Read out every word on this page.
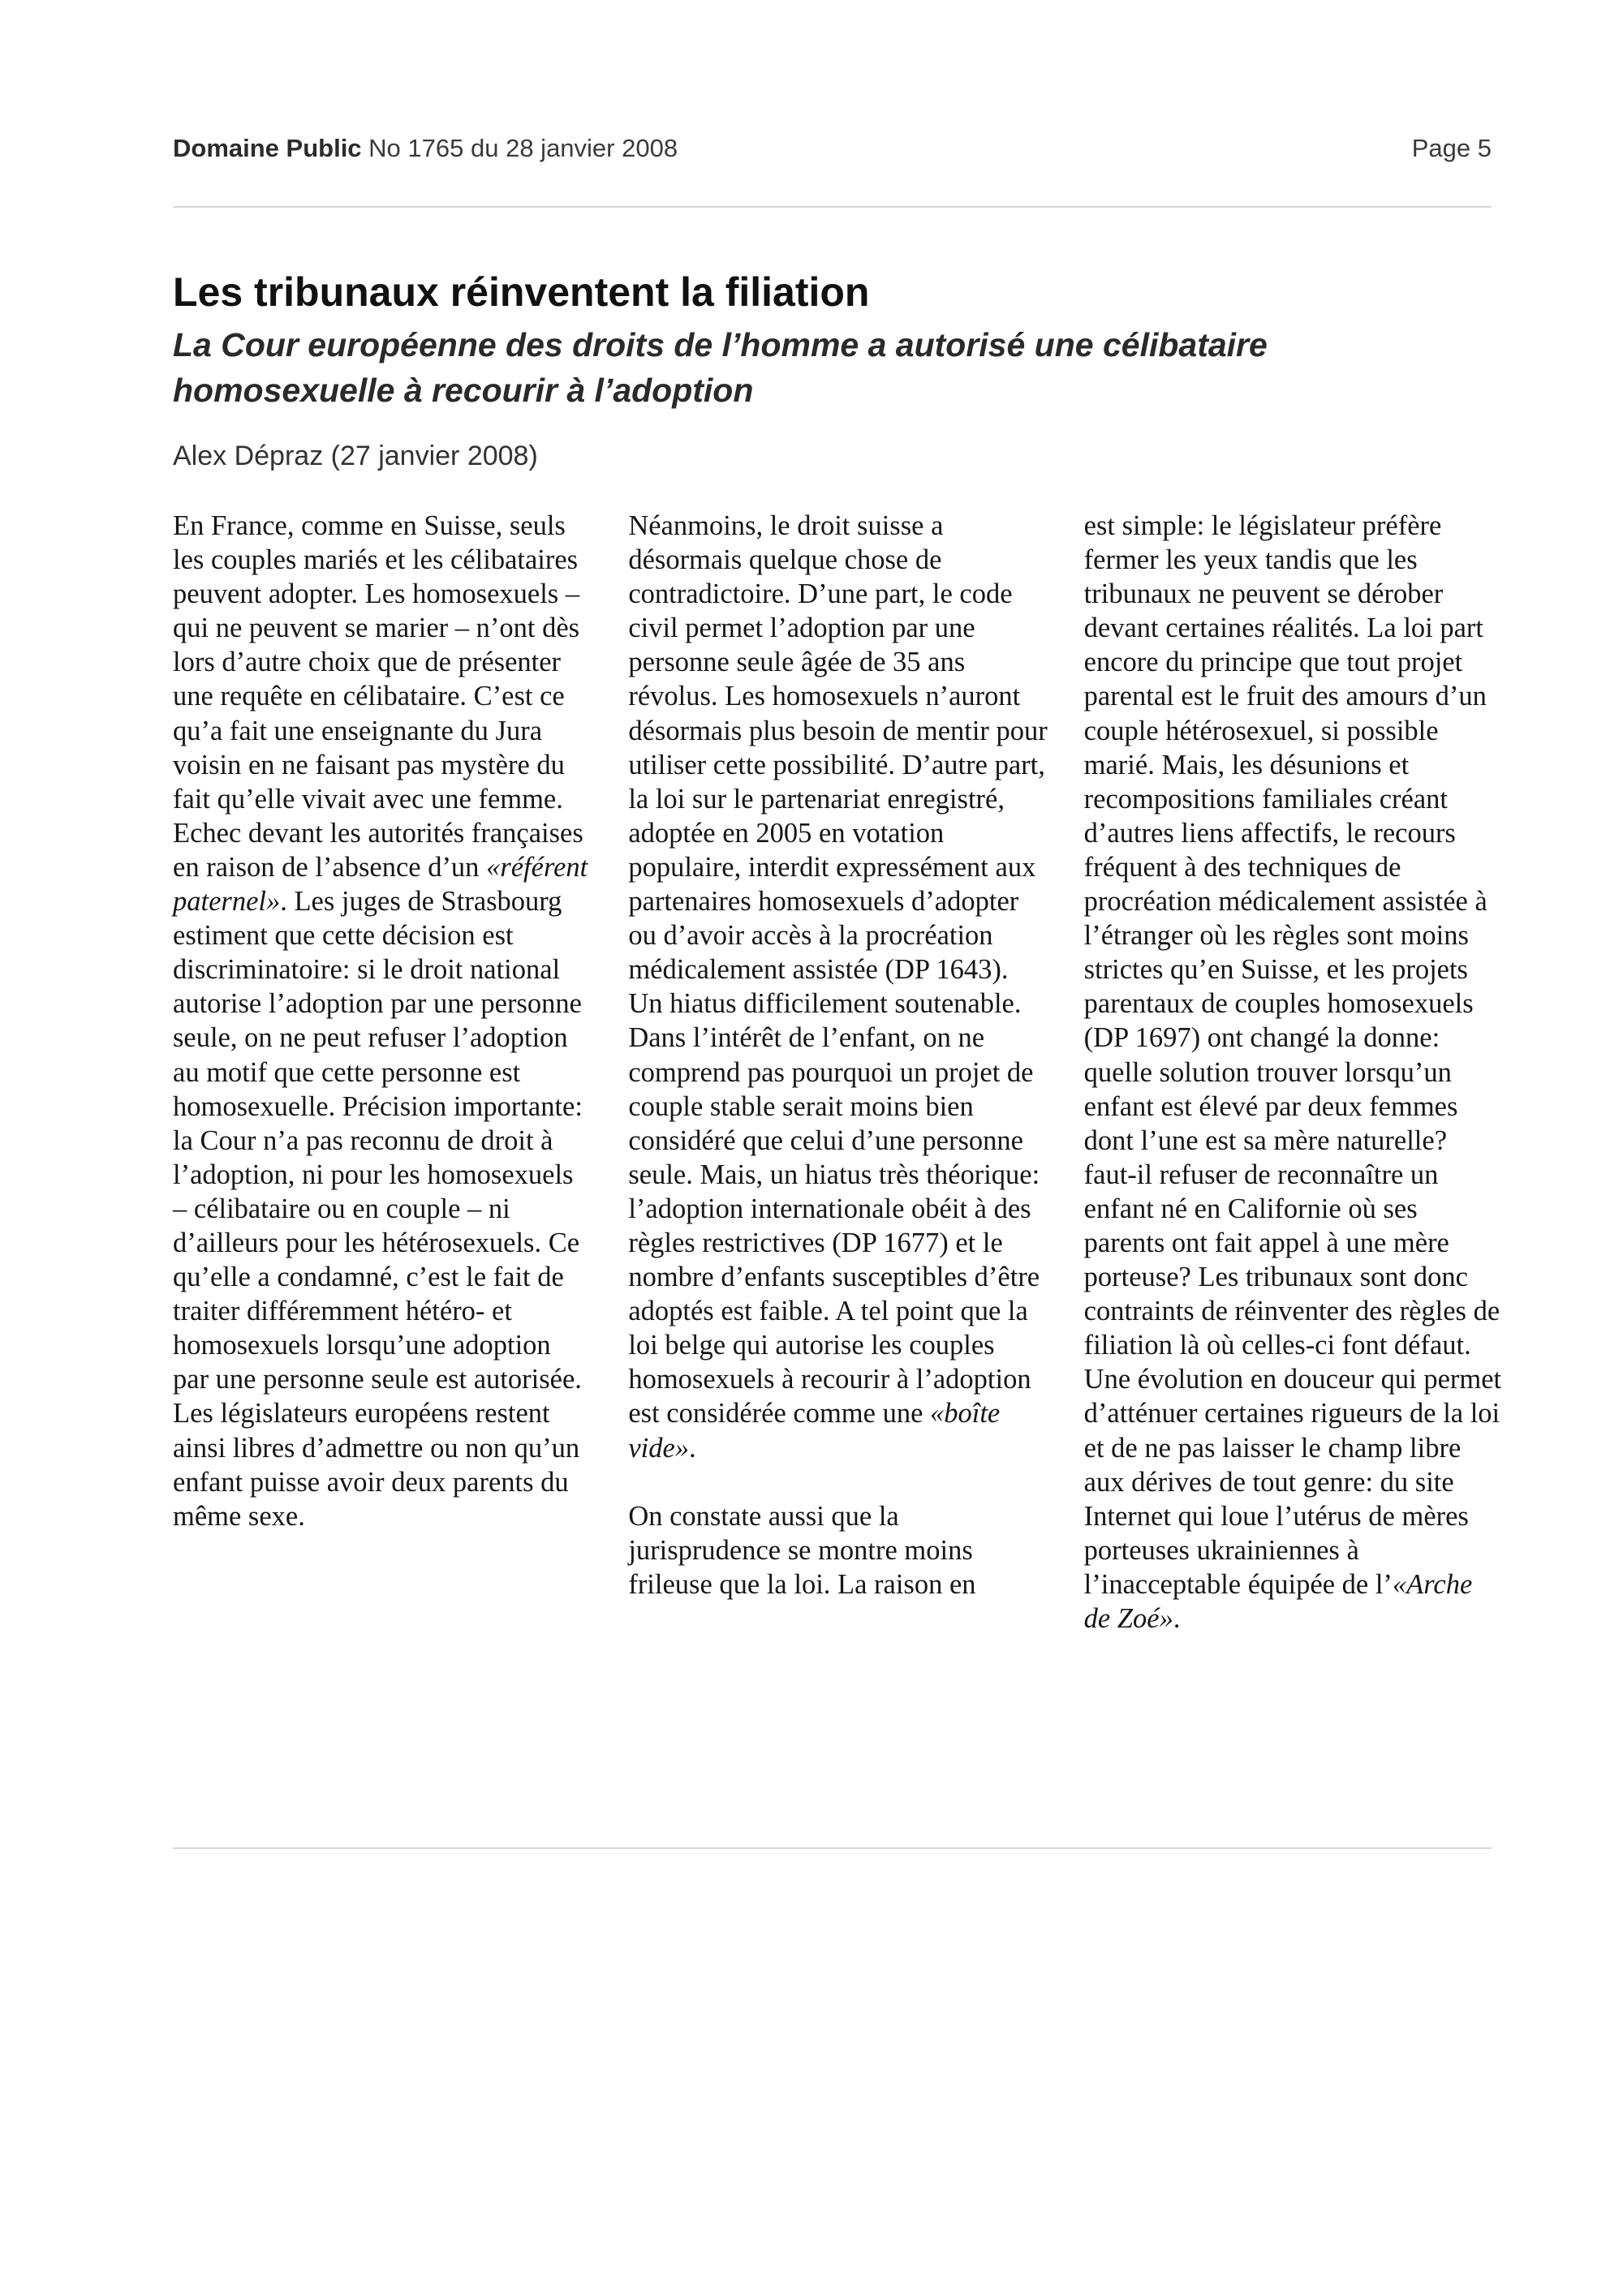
Domaine Public No 1765 du 28 janvier 2008	Page 5
Les tribunaux réinventent la filiation
La Cour européenne des droits de l’homme a autorisé une célibataire homosexuelle à recourir à l’adoption
Alex Dépraz (27 janvier 2008)

En France, comme en Suisse, seuls les couples mariés et les célibataires peuvent adopter. Les homosexuels – qui ne peuvent se marier – n’ont dès lors d’autre choix que de présenter une requête en célibataire. C’est ce qu’a fait une enseignante du Jura voisin en ne faisant pas mystère du fait qu’elle vivait avec une femme. Echec devant les autorités françaises en raison de l’absence d’un «référent paternel». Les juges de Strasbourg estiment que cette décision est discriminatoire: si le droit national autorise l’adoption par une personne seule, on ne peut refuser l’adoption au motif que cette personne est homosexuelle. Précision importante: la Cour n’a pas reconnu de droit à l’adoption, ni pour les homosexuels – célibataire ou en couple – ni d’ailleurs pour les hétérosexuels. Ce qu’elle a condamné, c’est le fait de traiter différemment hétéro- et homosexuels lorsqu’une adoption par une personne seule est autorisée. Les législateurs européens restent ainsi libres d’admettre ou non qu’un enfant puisse avoir deux parents du même sexe.

Néanmoins, le droit suisse a désormais quelque chose de contradictoire. D’une part, le code civil permet l’adoption par une personne seule âgée de 35 ans révolus. Les homosexuels n’auront désormais plus besoin de mentir pour utiliser cette possibilité. D’autre part, la loi sur le partenariat enregistré, adoptée en 2005 en votation populaire, interdit expressément aux partenaires homosexuels d’adopter ou d’avoir accès à la procréation médicalement assistée (DP 1643). Un hiatus difficilement soutenable. Dans l’intérêt de l’enfant, on ne comprend pas pourquoi un projet de couple stable serait moins bien considéré que celui d’une personne seule. Mais, un hiatus très théorique: l’adoption internationale obéit à des règles restrictives (DP 1677) et le nombre d’enfants susceptibles d’être adoptés est faible. A tel point que la loi belge qui autorise les couples homosexuels à recourir à l’adoption est considérée comme une «boîte vide».

On constate aussi que la jurisprudence se montre moins frileuse que la loi. La raison en

est simple: le législateur préfère fermer les yeux tandis que les tribunaux ne peuvent se dérober devant certaines réalités. La loi part encore du principe que tout projet parental est le fruit des amours d’un couple hétérosexuel, si possible marié. Mais, les désunions et recompositions familiales créant d’autres liens affectifs, le recours fréquent à des techniques de procréation médicalement assistée à l’étranger où les règles sont moins strictes qu’en Suisse, et les projets parentaux de couples homosexuels (DP 1697) ont changé la donne: quelle solution trouver lorsqu’un enfant est élevé par deux femmes dont l’une est sa mère naturelle? faut-il refuser de reconnaître un enfant né en Californie où ses parents ont fait appel à une mère porteuse? Les tribunaux sont donc contraints de réinventer des règles de filiation là où celles-ci font défaut. Une évolution en douceur qui permet d’atténuer certaines rigueurs de la loi et de ne pas laisser le champ libre aux dérives de tout genre: du site Internet qui loue l’utérus de mères porteuses ukrainiennes à l’inacceptable équipée de l’«Arche de Zoé».
